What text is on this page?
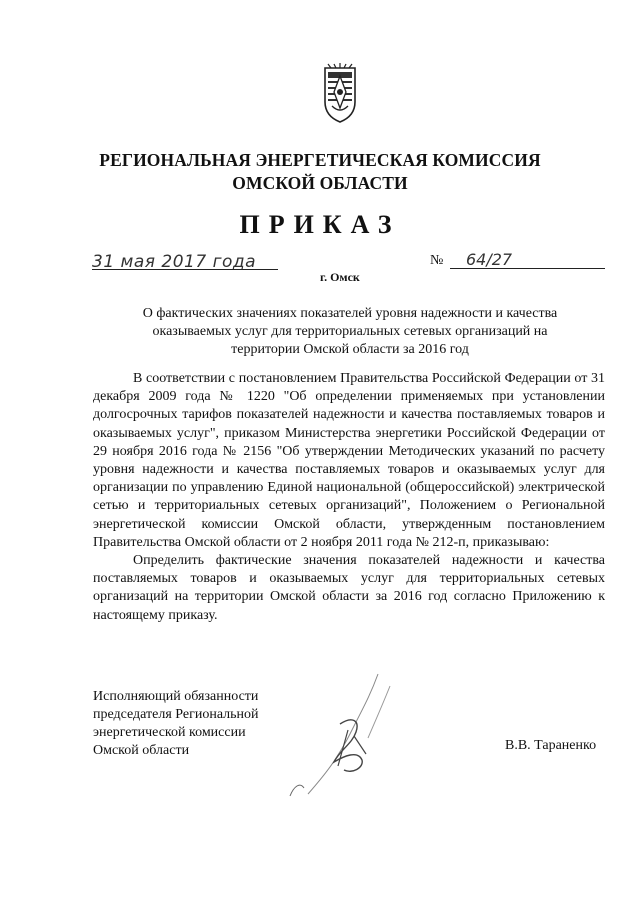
РЕГИОНАЛЬНАЯ ЭНЕРГЕТИЧЕСКАЯ КОМИССИЯ
ОМСКОЙ ОБЛАСТИ
ПРИКАЗ
31 мая 2017 года
г. Омск
№ 64/27
О фактических значениях показателей уровня надежности и качества оказываемых услуг для территориальных сетевых организаций на территории Омской области за 2016 год

В соответствии с постановлением Правительства Российской Федерации от 31 декабря 2009 года № 1220 "Об определении применяемых при установлении долгосрочных тарифов показателей надежности и качества поставляемых товаров и оказываемых услуг", приказом Министерства энергетики Российской Федерации от 29 ноября 2016 года № 2156 "Об утверждении Методических указаний по расчету уровня надежности и качества поставляемых товаров и оказываемых услуг для организации по управлению Единой национальной (общероссийской) электрической сетью и территориальных сетевых организаций", Положением о Региональной энергетической комиссии Омской области, утвержденным постановлением Правительства Омской области от 2 ноября 2011 года № 212-п, приказываю:

Определить фактические значения показателей надежности и качества поставляемых товаров и оказываемых услуг для территориальных сетевых организаций на территории Омской области за 2016 год согласно Приложению к настоящему приказу.

Исполняющий обязанности
председателя Региональной
энергетической комиссии
Омской области	В.В. Тараненко
